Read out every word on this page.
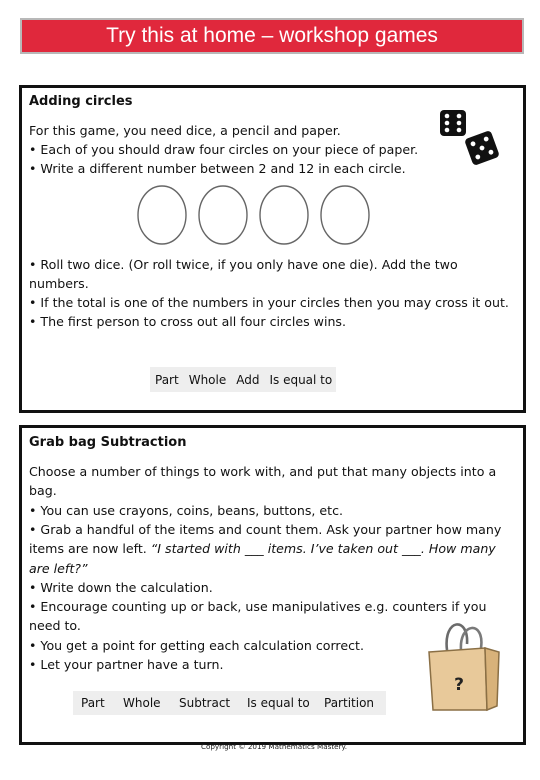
Try this at home – workshop games
Adding circles
For this game, you need dice, a pencil and paper.
• Each of you should draw four circles on your piece of paper.
• Write a different number between 2 and 12 in each circle.
• Roll two dice. (Or roll twice, if you only have one die). Add the two numbers.
• If the total is one of the numbers in your circles then you may cross it out.
• The first person to cross out all four circles wins.
Part Whole Add Is equal to
Grab bag Subtraction
Choose a number of things to work with, and put that many objects into a bag.
• You can use crayons, coins, beans, buttons, etc.
• Grab a handful of the items and count them. Ask your partner how many items are now left. “I started with ___ items. I’ve taken out ___. How many are left?”
• Write down the calculation.
• Encourage counting up or back, use manipulatives e.g. counters if you need to.
• You get a point for getting each calculation correct.
• Let your partner have a turn.
?
Part	Whole	Subtract	Is equal to	Partition
Copyright © 2019 Mathematics Mastery.
